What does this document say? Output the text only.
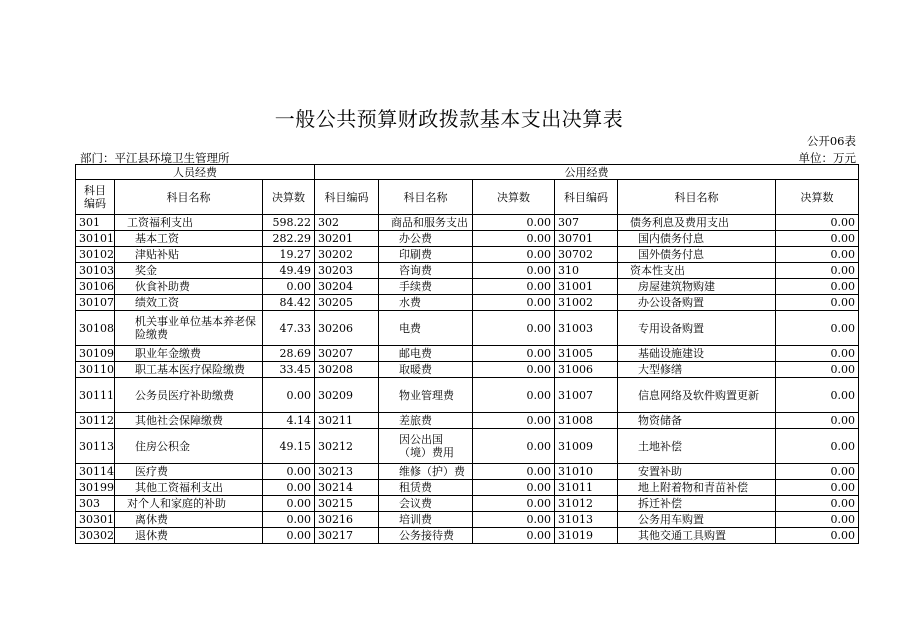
一般公共预算财政拨款基本支出决算表
公开06表
部门：平江县环境卫生管理所	单位：万元
人员经费			公用经费					
科目编码	科目名称	决算数	科目编码	科目名称	决算数	科目编码	科目名称	决算数
301	工资福利支出	598.22	302	商品和服务支出	0.00	307	债务利息及费用支出	0.00
30101	基本工资	282.29	30201	办公费	0.00	30701	国内债务付息	0.00
30102	津贴补贴	19.27	30202	印刷费	0.00	30702	国外债务付息	0.00
30103	奖金	49.49	30203	咨询费	0.00	310	资本性支出	0.00
30106	伙食补助费	0.00	30204	手续费	0.00	31001	房屋建筑物购建	0.00
30107	绩效工资	84.42	30205	水费	0.00	31002	办公设备购置	0.00
30108	机关事业单位基本养老保险缴费	47.33	30206	电费	0.00	31003	专用设备购置	0.00
30109	职业年金缴费	28.69	30207	邮电费	0.00	31005	基础设施建设	0.00
30110	职工基本医疗保险缴费	33.45	30208	取暖费	0.00	31006	大型修缮	0.00
30111	公务员医疗补助缴费	0.00	30209	物业管理费	0.00	31007	信息网络及软件购置更新	0.00
30112	其他社会保障缴费	4.14	30211	差旅费	0.00	31008	物资储备	0.00
30113	住房公积金	49.15	30212	因公出国（境）费用	0.00	31009	土地补偿	0.00
30114	医疗费	0.00	30213	维修（护）费	0.00	31010	安置补助	0.00
30199	其他工资福利支出	0.00	30214	租赁费	0.00	31011	地上附着物和青苗补偿	0.00
303	对个人和家庭的补助	0.00	30215	会议费	0.00	31012	拆迁补偿	0.00
30301	离休费	0.00	30216	培训费	0.00	31013	公务用车购置	0.00
30302	退休费	0.00	30217	公务接待费	0.00	31019	其他交通工具购置	0.00
